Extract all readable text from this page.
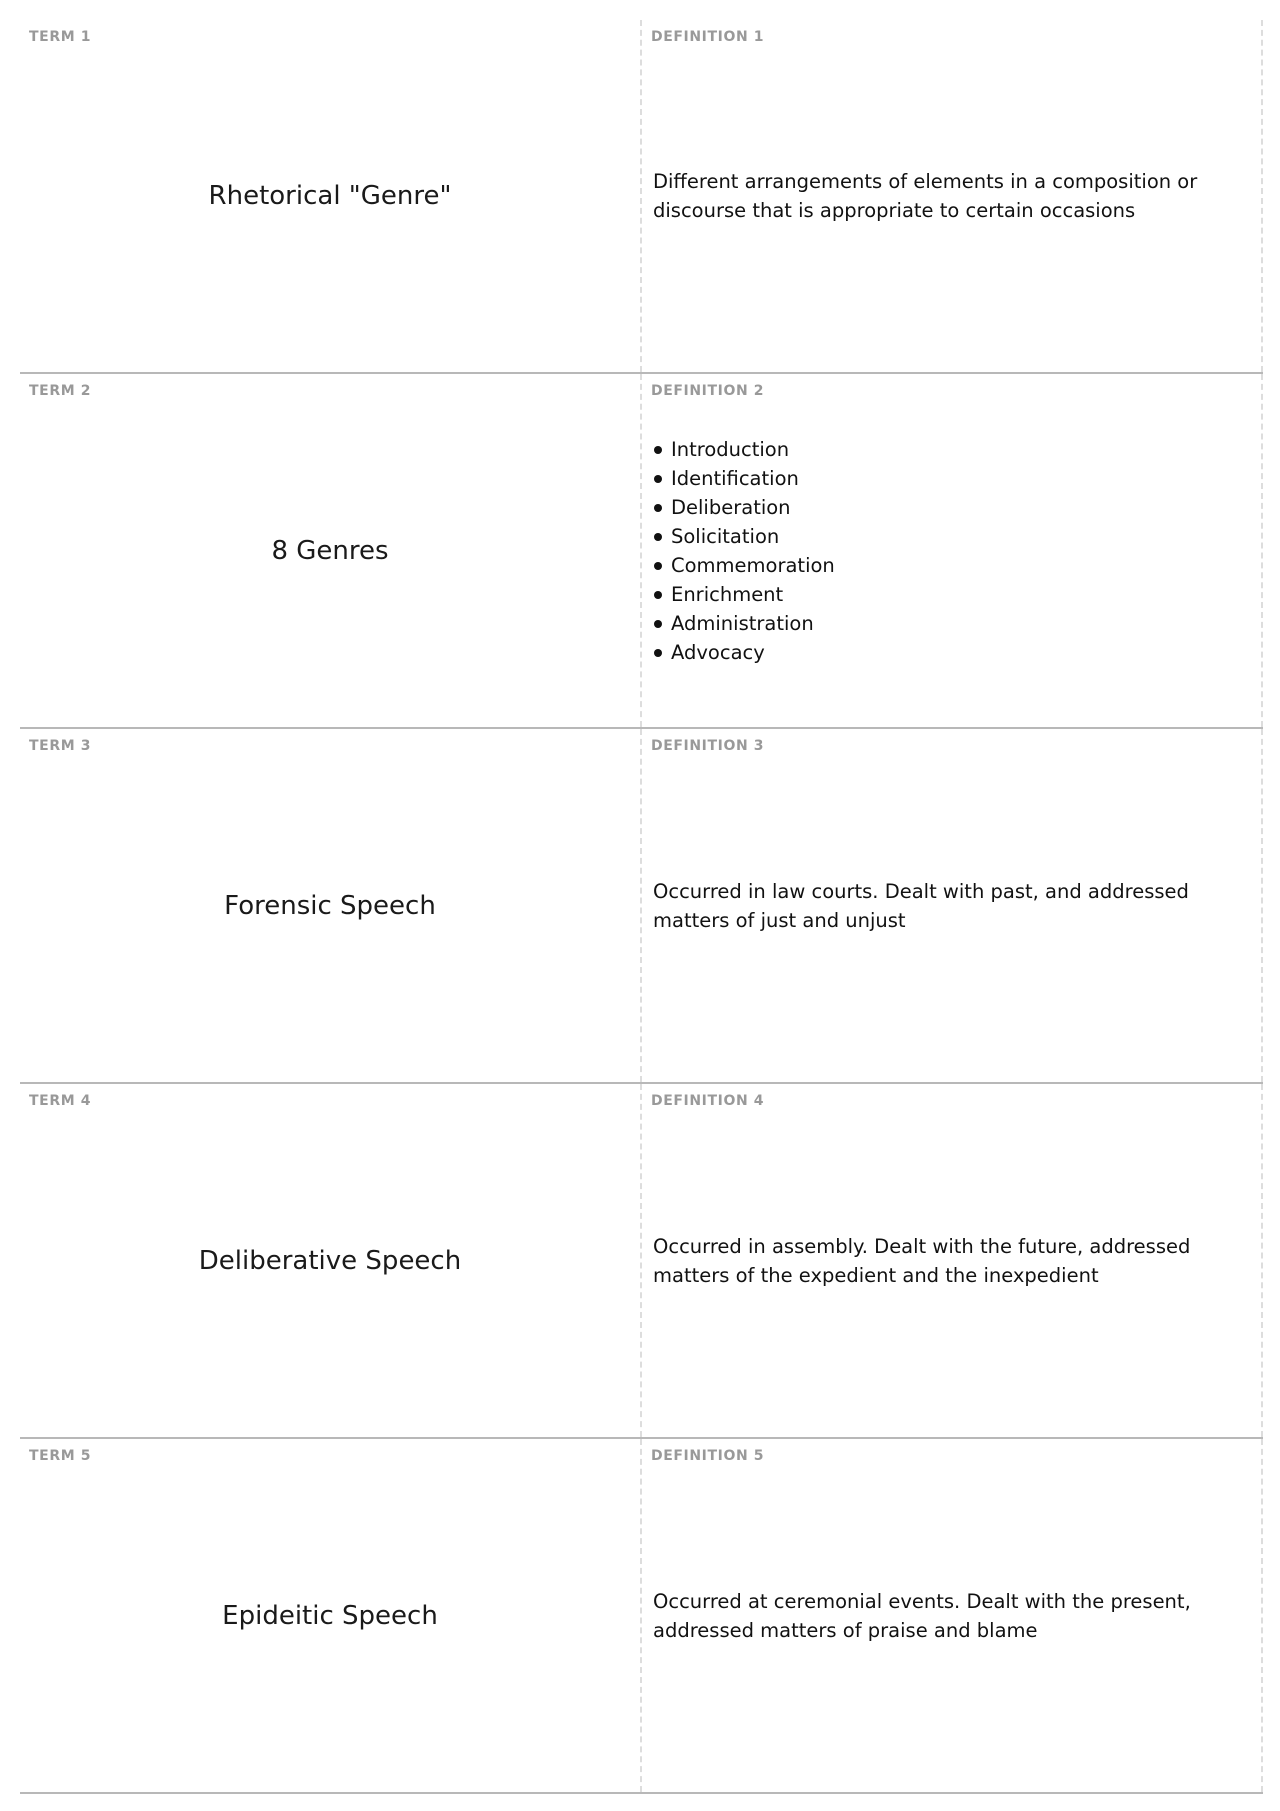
TERM 1
Rhetorical "Genre"
DEFINITION 1
Different arrangements of elements in a composition or discourse that is appropriate to certain occasions
TERM 2
8 Genres
DEFINITION 2
Introduction
Identification
Deliberation
Solicitation
Commemoration
Enrichment
Administration
Advocacy
TERM 3
Forensic Speech
DEFINITION 3
Occurred in law courts. Dealt with past, and addressed matters of just and unjust
TERM 4
Deliberative Speech
DEFINITION 4
Occurred in assembly. Dealt with the future, addressed matters of the expedient and the inexpedient
TERM 5
Epideitic Speech
DEFINITION 5
Occurred at ceremonial events. Dealt with the present, addressed matters of praise and blame
